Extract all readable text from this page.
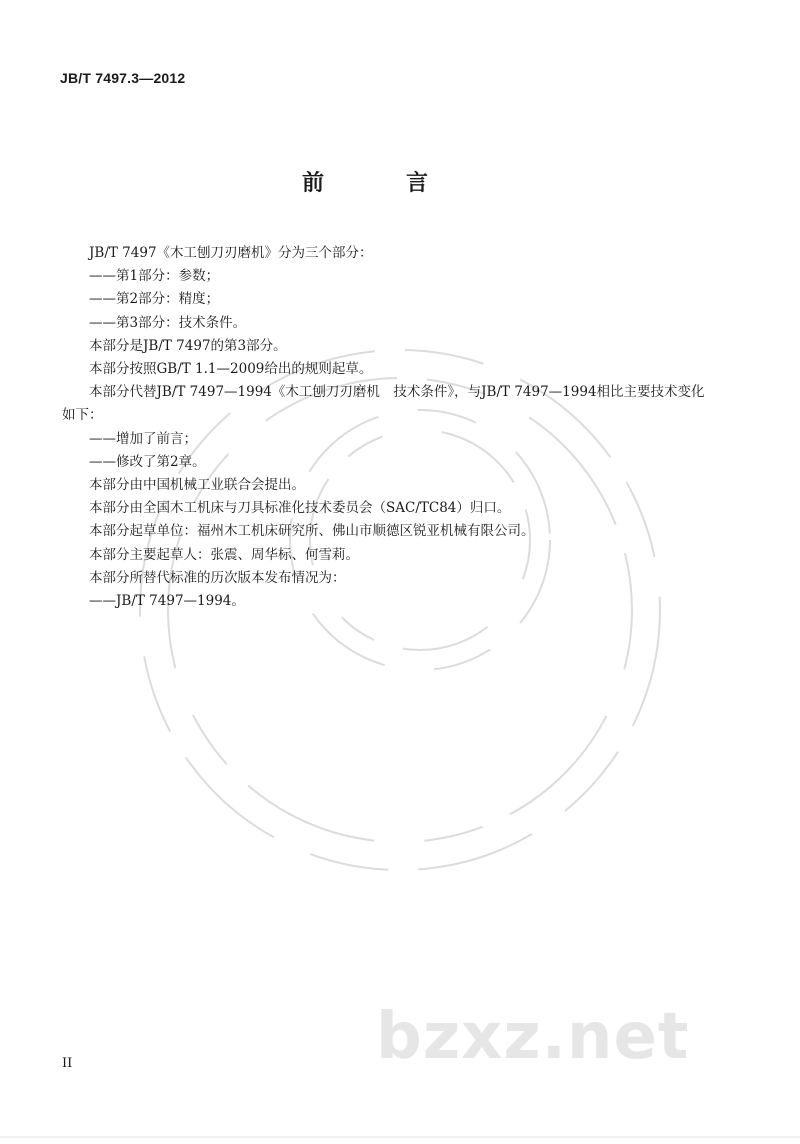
JB/T 7497.3—2012
前　言

JB/T 7497《木工刨刀刃磨机》分为三个部分：

——第1部分：参数；

——第2部分：精度；

——第3部分：技术条件。

本部分是JB/T 7497的第3部分。

本部分按照GB/T 1.1—2009给出的规则起草。

本部分代替JB/T 7497—1994《木工刨刀刃磨机　技术条件》，与JB/T 7497—1994相比主要技术变化

如下：

——增加了前言；

——修改了第2章。

本部分由中国机械工业联合会提出。

本部分由全国木工机床与刀具标准化技术委员会（SAC/TC84）归口。

本部分起草单位：福州木工机床研究所、佛山市顺德区锐亚机械有限公司。

本部分主要起草人：张震、周华标、何雪莉。

本部分所替代标准的历次版本发布情况为：

——JB/T 7497—1994。

II	bzxz.net
